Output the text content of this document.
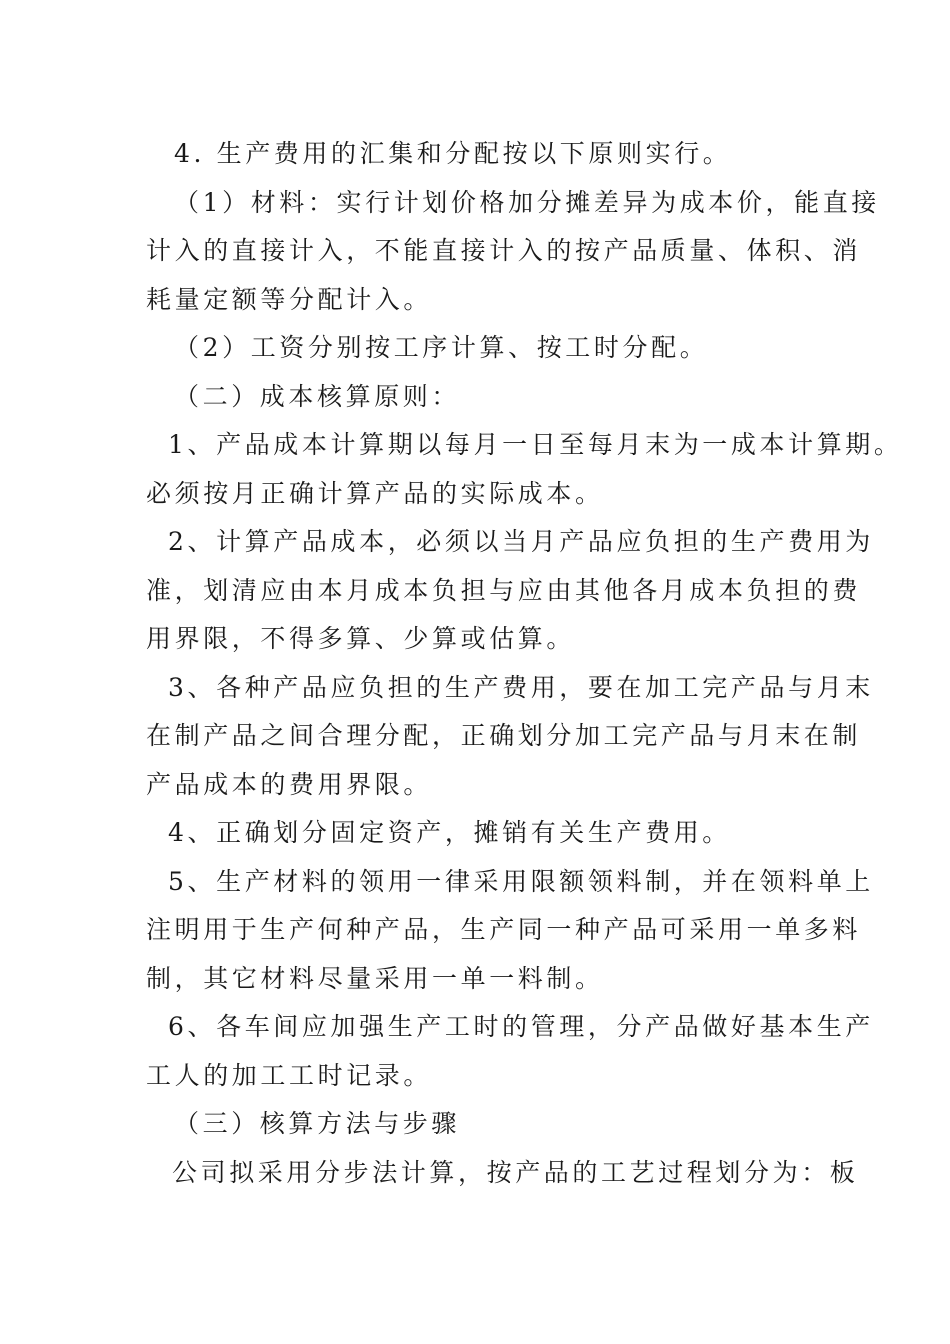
4. 生产费用的汇集和分配按以下原则实行。
（1）材料：实行计划价格加分摊差异为成本价，能直接
计入的直接计入，不能直接计入的按产品质量、体积、消
耗量定额等分配计入。
（2）工资分别按工序计算、按工时分配。
（二）成本核算原则：
1、产品成本计算期以每月一日至每月末为一成本计算期。
必须按月正确计算产品的实际成本。
2、计算产品成本，必须以当月产品应负担的生产费用为
准，划清应由本月成本负担与应由其他各月成本负担的费
用界限，不得多算、少算或估算。
3、各种产品应负担的生产费用，要在加工完产品与月末
在制产品之间合理分配，正确划分加工完产品与月末在制
产品成本的费用界限。
4、正确划分固定资产，摊销有关生产费用。
5、生产材料的领用一律采用限额领料制，并在领料单上
注明用于生产何种产品，生产同一种产品可采用一单多料
制，其它材料尽量采用一单一料制。
6、各车间应加强生产工时的管理，分产品做好基本生产
工人的加工工时记录。
（三）核算方法与步骤
公司拟采用分步法计算，按产品的工艺过程划分为：板
